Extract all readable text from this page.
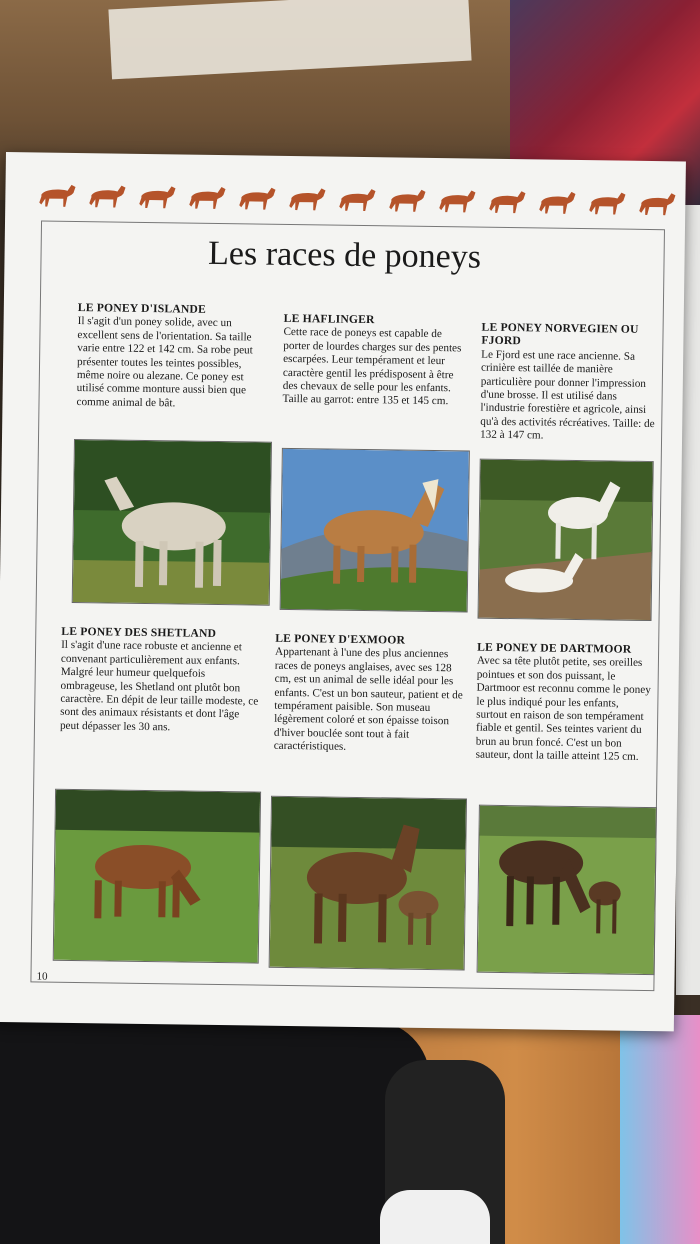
Les races de poneys
LE PONEY D'ISLANDE

Il s'agit d'un poney solide, avec un excellent sens de l'orientation. Sa taille varie entre 122 et 142 cm. Sa robe peut présenter toutes les teintes possibles, même noire ou alezane. Ce poney est utilisé comme monture aussi bien que comme animal de bât.

LE HAFLINGER

Cette race de poneys est capable de porter de lourdes charges sur des pentes escarpées. Leur tempérament et leur caractère gentil les prédisposent à être des chevaux de selle pour les enfants. Taille au garrot: entre 135 et 145 cm.

LE PONEY NORVEGIEN OU FJORD

Le Fjord est une race ancienne. Sa crinière est taillée de manière particulière pour donner l'impression d'une brosse. Il est utilisé dans l'industrie forestière et agricole, ainsi qu'à des activités récréatives. Taille: de 132 à 147 cm.

LE PONEY DES SHETLAND

Il s'agit d'une race robuste et ancienne et convenant particulièrement aux enfants. Malgré leur humeur quelquefois ombrageuse, les Shetland ont plutôt bon caractère. En dépit de leur taille modeste, ce sont des animaux résistants et dont l'âge peut dépasser les 30 ans.

LE PONEY D'EXMOOR

Appartenant à l'une des plus anciennes races de poneys anglaises, avec ses 128 cm, est un animal de selle idéal pour les enfants. C'est un bon sauteur, patient et de tempérament paisible. Son museau légèrement coloré et son épaisse toison d'hiver bouclée sont tout à fait caractéristiques.

LE PONEY DE DARTMOOR

Avec sa tête plutôt petite, ses oreilles pointues et son dos puissant, le Dartmoor est reconnu comme le poney le plus indiqué pour les enfants, surtout en raison de son tempérament fiable et gentil. Ses teintes varient du brun au brun foncé. C'est un bon sauteur, dont la taille atteint 125 cm.

10
